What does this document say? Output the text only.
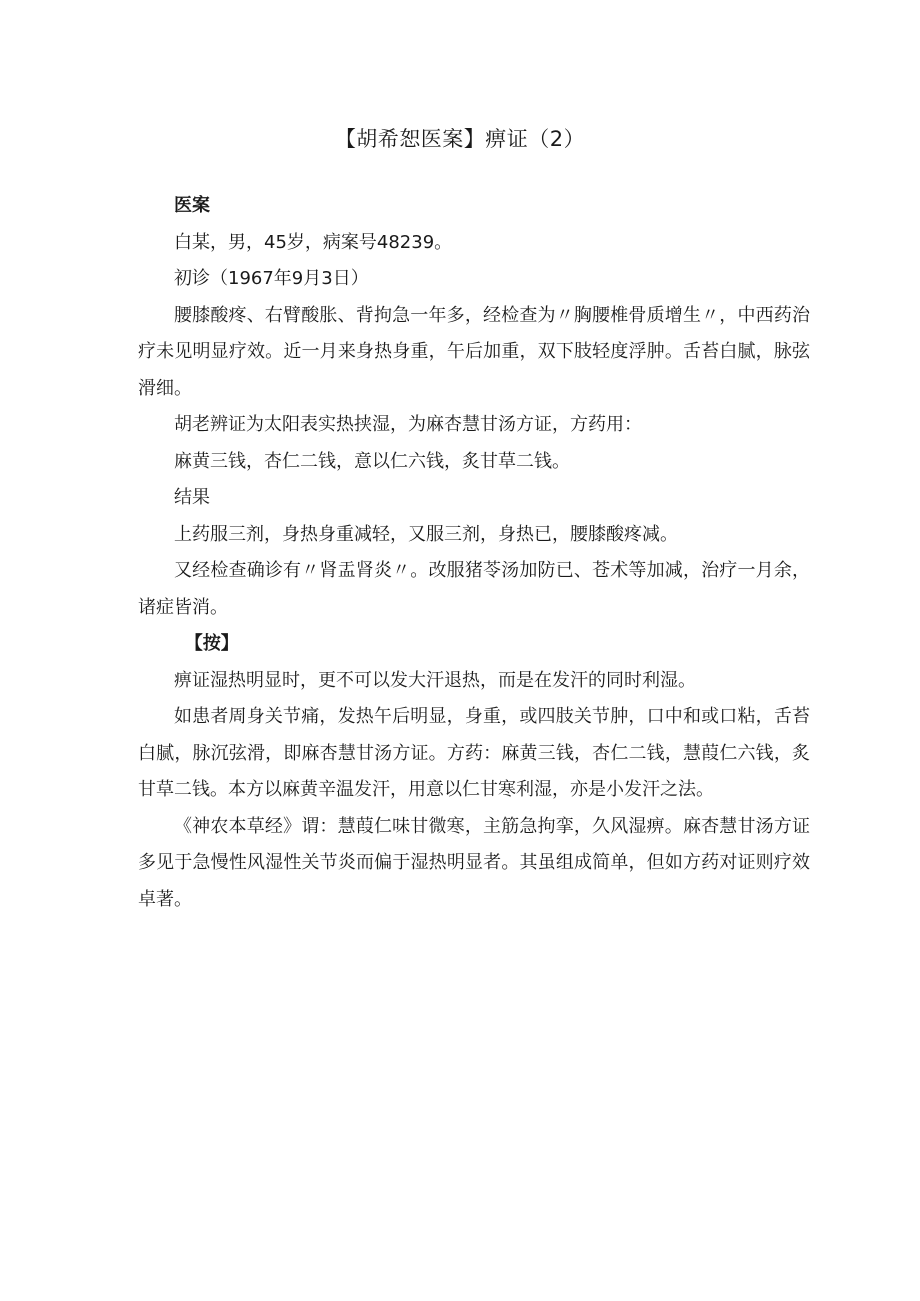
【胡希恕医案】痹证（2）

医案

白某，男，45岁，病案号48239。

初诊（1967年9月3日）

腰膝酸疼、右臂酸胀、背拘急一年多，经检查为〃胸腰椎骨质增生〃，中西药治疗未见明显疗效。近一月来身热身重，午后加重，双下肢轻度浮肿。舌苔白腻，脉弦滑细。

胡老辨证为太阳表实热挟湿，为麻杏慧甘汤方证，方药用：

麻黄三钱，杏仁二钱，意以仁六钱，炙甘草二钱。

结果

上药服三剂，身热身重减轻，又服三剂，身热已，腰膝酸疼减。

又经检查确诊有〃肾盂肾炎〃。改服猪苓汤加防已、苍术等加减，治疗一月余，诸症皆消。

【按】

痹证湿热明显时，更不可以发大汗退热，而是在发汗的同时利湿。

如患者周身关节痛，发热午后明显，身重，或四肢关节肿，口中和或口粘，舌苔白腻，脉沉弦滑，即麻杏慧甘汤方证。方药：麻黄三钱，杏仁二钱，慧葭仁六钱，炙甘草二钱。本方以麻黄辛温发汗，用意以仁甘寒利湿，亦是小发汗之法。

《神农本草经》谓：慧葭仁味甘微寒，主筋急拘挛，久风湿痹。麻杏慧甘汤方证多见于急慢性风湿性关节炎而偏于湿热明显者。其虽组成简单，但如方药对证则疗效卓著。
